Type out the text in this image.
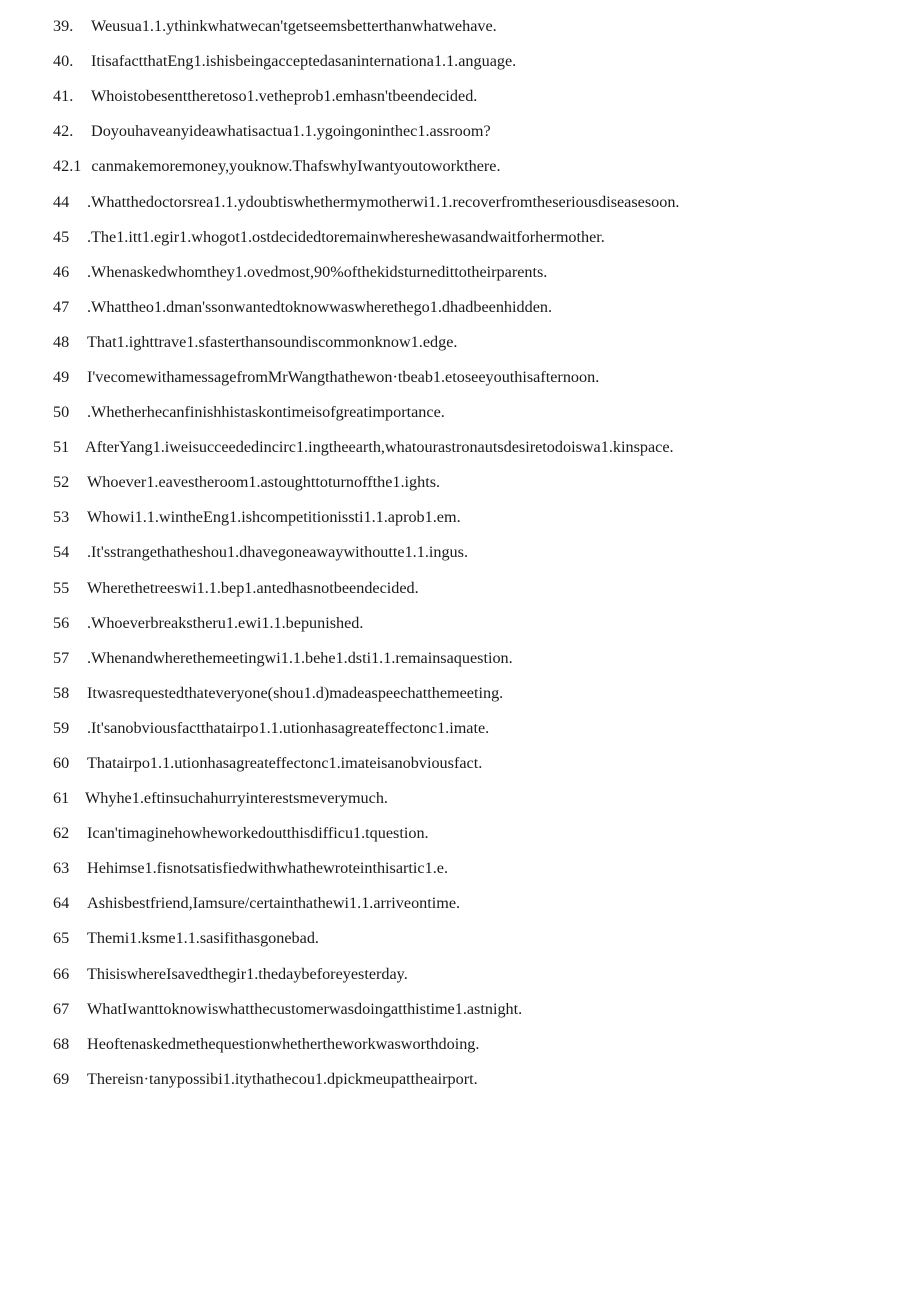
39.	Weusua1.1.ythinkwhatwecan'tgetseemsbetterthanwhatwehave.
40.	ItisafactthatEng1.ishisbeingacceptedasaninternationa1.1.anguage.
41.	Whoistobesenttheretoso1.vetheprob1.emhasn'tbeendecided.
42.	Doyouhaveanyideawhatisactua1.1.ygoingoninthec1.assroom?
42.1 canmakemoremoney,youknow.ThafswhyIwantyoutoworkthere.
44	.Whatthedoctorsrea1.1.ydoubtiswhethermymotherwi1.1.recoverfromtheseriousdiseasesoon.
45	.The1.itt1.egir1.whogot1.ostdecidedtoremainwhereshewasandwaitforhermother.
46	.Whenaskedwhomthey1.ovedmost,90%ofthekidsturnedittotheirparents.
47	.Whattheo1.dman'ssonwantedtoknowwaswherethego1.dhadbeenhidden.
48	That1.ighttrave1.sfasterthansoundiscommonknow1.edge.
49	I'vecomewithamessagefromMrWangthathewon·tbeab1.etoseeyouthisafternoon.
50	.Whetherhecanfinishhistaskontimeisofgreatimportance.
51 AfterYang1.iweisucceededincirc1.ingtheearth,whatourastronautsdesiretodoiswa1.kinspace.
52	Whoever1.eavestheroom1.astoughttoturnoffthe1.ights.
53	Whowi1.1.wintheEng1.ishcompetitionissti1.1.aprob1.em.
54	.It'sstrangethatheshou1.dhavegoneawaywithoutte1.1.ingus.
55	Wherethetreeswi1.1.bep1.antedhasnotbeendecided.
56	.Whoeverbreakstheru1.ewi1.1.bepunished.
57	.Whenandwherethemeetingwi1.1.behe1.dsti1.1.remainsaquestion.
58	Itwasrequestedthateveryone(shou1.d)madeaspeechatthemeeting.
59	.It'sanobviousfactthatairpo1.1.utionhasagreateffectonc1.imate.
60	Thatairpo1.1.utionhasagreateffectonc1.imateisanobviousfact.
61 Whyhe1.eftinsuchahurryinterestsmeverymuch.
62	Ican'timaginehowheworkedoutthisdifficu1.tquestion.
63	Hehimse1.fisnotsatisfiedwithwhathewroteinthisartic1.e.
64	Ashisbestfriend,Iamsure/certainthathewi1.1.arriveontime.
65	Themi1.ksme1.1.sasifithasgonebad.
66	ThisiswhereIsavedthegir1.thedaybeforeyesterday.
67	WhatIwanttoknowiswhatthecustomerwasdoingatthistime1.astnight.
68	Heoftenaskedmethequestionwhethertheworkwasworthdoing.
69	Thereisn·tanypossibi1.itythathecou1.dpickmeupattheairport.
